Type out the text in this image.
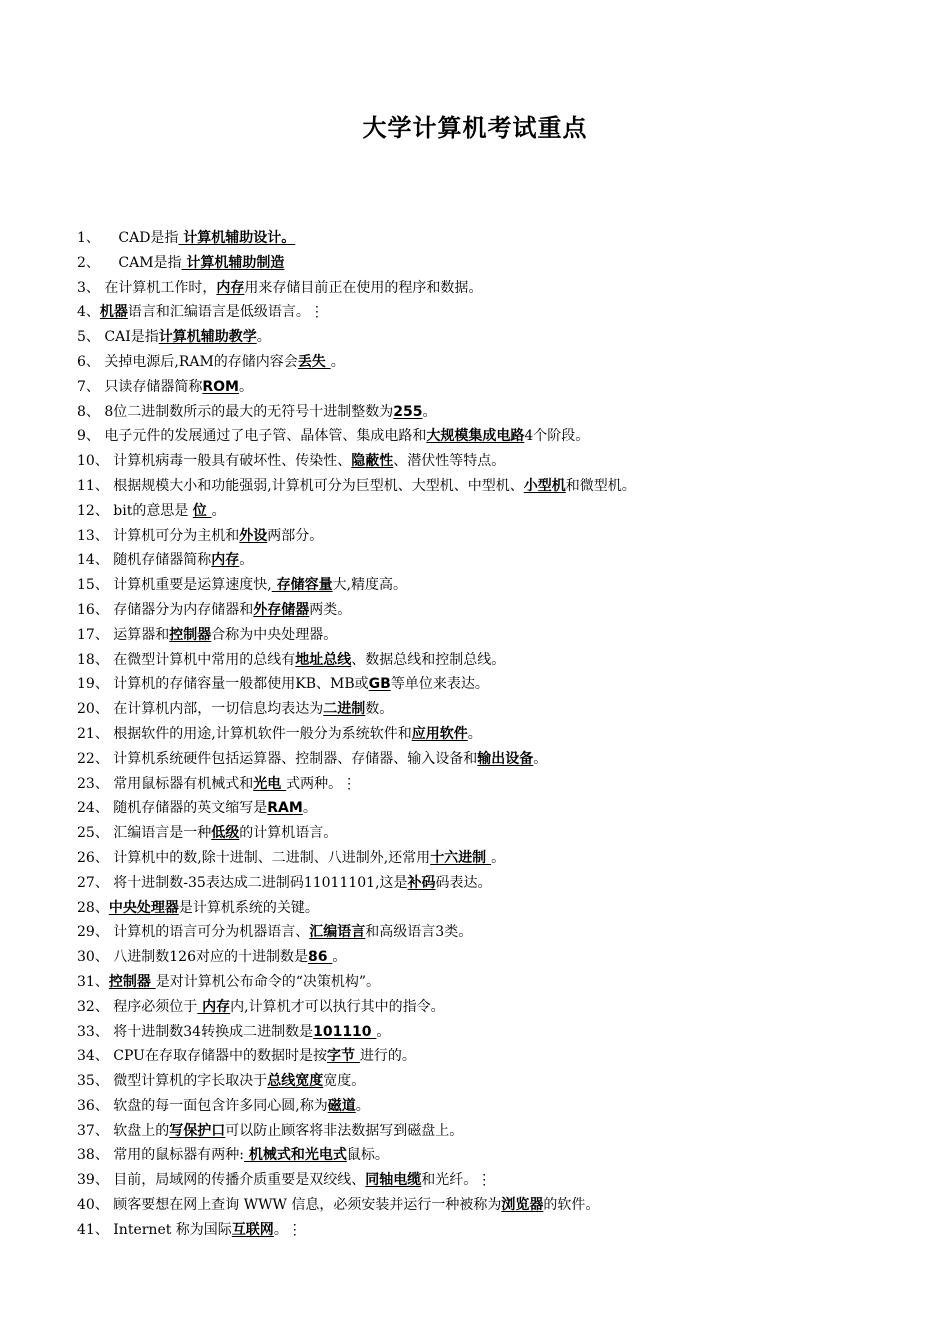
大学计算机考试重点
1、　 CAD是指 计算机辅助设计。
2、　 CAM是指 计算机辅助制造
3、 在计算机工作时，内存用来存储目前正在使用的程序和数据。
4、机器语言和汇编语言是低级语言。⋮
5、 CAI是指计算机辅助教学。
6、 关掉电源后,RAM的存储内容会丢失 。
7、 只读存储器简称ROM。
8、 8位二进制数所示的最大的无符号十进制整数为255。
9、 电子元件的发展通过了电子管、晶体管、集成电路和大规模集成电路4个阶段。
10、 计算机病毒一般具有破坏性、传染性、隐蔽性、潜伏性等特点。
11、 根据规模大小和功能强弱,计算机可分为巨型机、大型机、中型机、小型机和微型机。
12、 bit的意思是 位 。
13、 计算机可分为主机和外设两部分。
14、 随机存储器简称内存。
15、 计算机重要是运算速度快, 存储容量大,精度高。
16、 存储器分为内存储器和外存储器两类。
17、 运算器和控制器合称为中央处理器。
18、 在微型计算机中常用的总线有地址总线、数据总线和控制总线。
19、 计算机的存储容量一般都使用KB、MB或GB等单位来表达。
20、 在计算机内部，一切信息均表达为二进制数。
21、 根据软件的用途,计算机软件一般分为系统软件和应用软件。
22、 计算机系统硬件包括运算器、控制器、存储器、输入设备和输出设备。
23、 常用鼠标器有机械式和光电 式两种。⋮
24、 随机存储器的英文缩写是RAM。
25、 汇编语言是一种低级的计算机语言。
26、 计算机中的数,除十进制、二进制、八进制外,还常用十六进制 。
27、 将十进制数-35表达成二进制码11011101,这是补码码表达。
28、中央处理器是计算机系统的关键。
29、 计算机的语言可分为机器语言、汇编语言和高级语言3类。
30、 八进制数126对应的十进制数是86 。
31、控制器 是对计算机公布命令的“决策机构”。
32、 程序必须位于 内存内,计算机才可以执行其中的指令。
33、 将十进制数34转换成二进制数是101110 。
34、 CPU在存取存储器中的数据时是按字节 进行的。
35、 微型计算机的字长取决于总线宽度宽度。
36、 软盘的每一面包含许多同心圆,称为磁道。
37、 软盘上的写保护口可以防止顾客将非法数据写到磁盘上。
38、 常用的鼠标器有两种: 机械式和光电式鼠标。
39、 目前，局域网的传播介质重要是双绞线、同轴电缆和光纤。⋮
40、 顾客要想在网上查询 WWW 信息，必须安装并运行一种被称为浏览器的软件。
41、 Internet 称为国际互联网。⋮
